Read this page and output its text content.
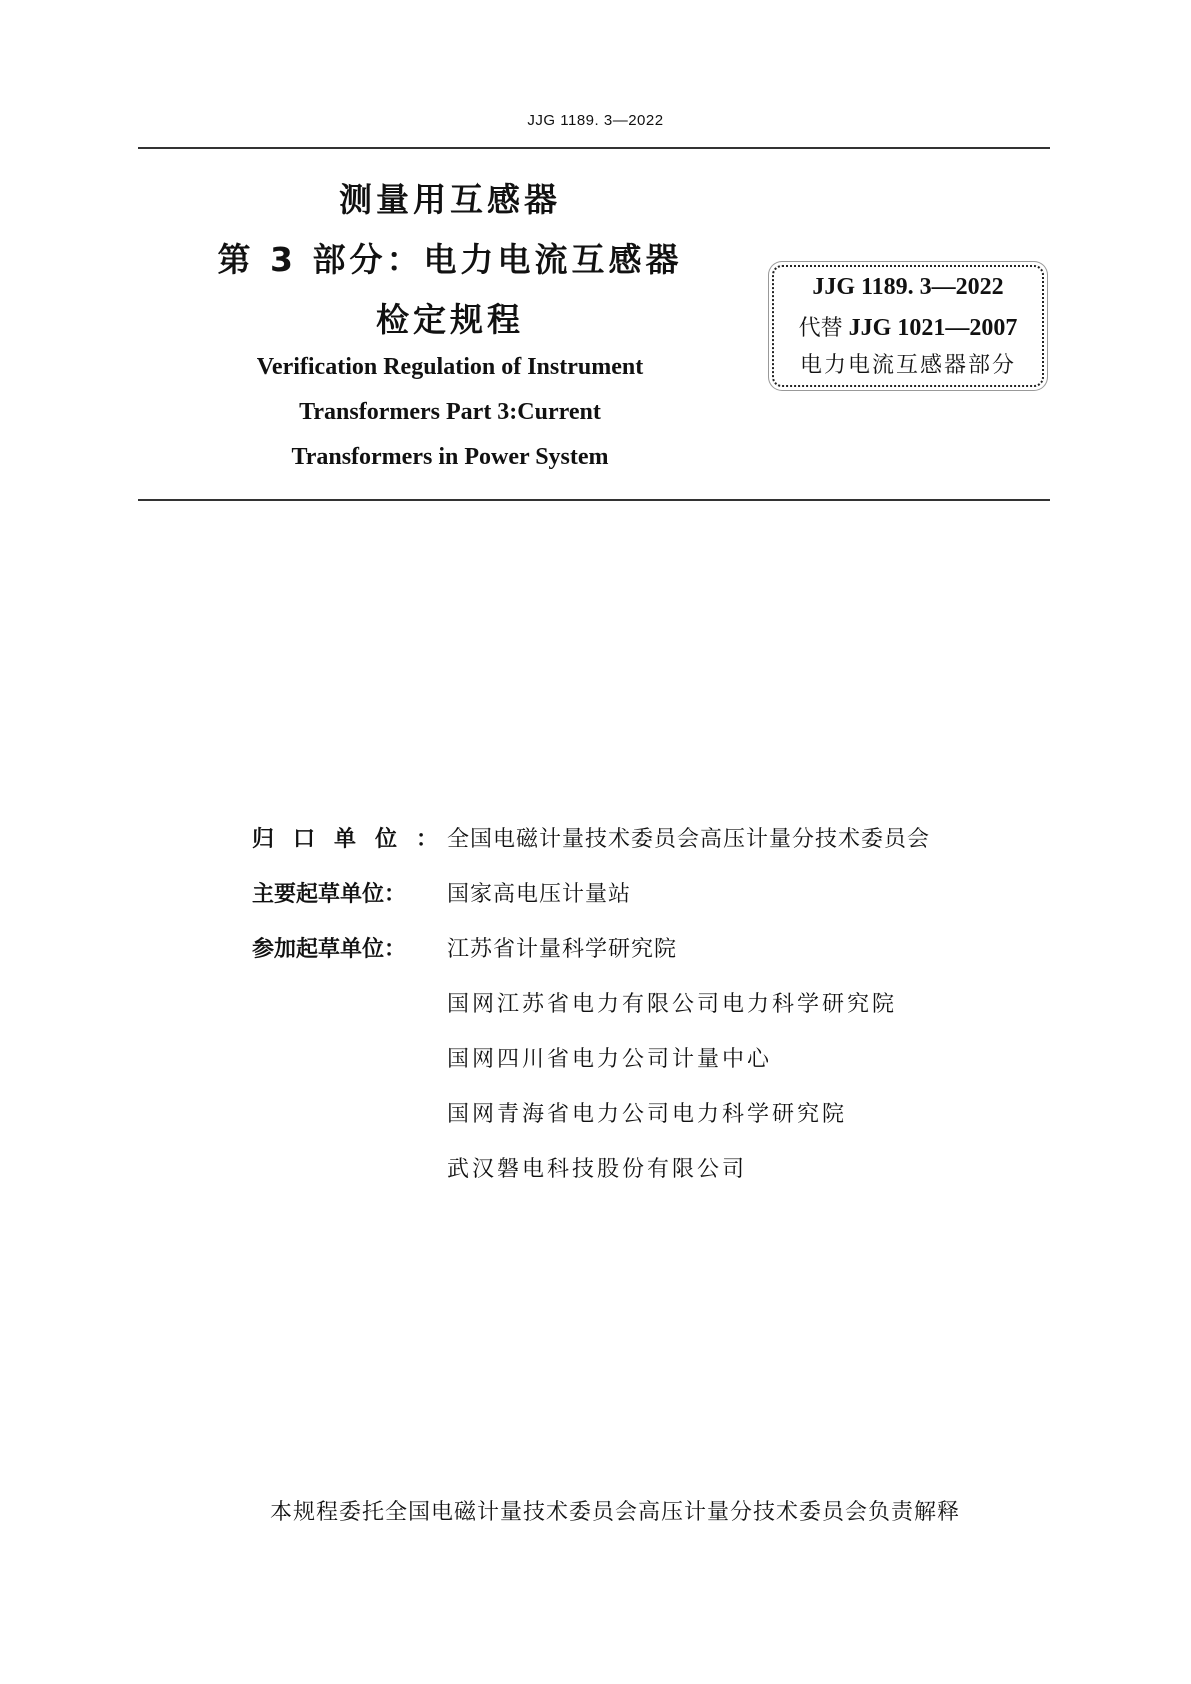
JJG 1189. 3—2022
测量用互感器
第 3 部分：电力电流互感器
检定规程
Verification Regulation of Instrument
Transformers Part 3:Current
Transformers in Power System
JJG 1189. 3—2022
代替 JJG 1021—2007
电力电流互感器部分
归口单位：全国电磁计量技术委员会高压计量分技术委员会
主要起草单位： 国家高电压计量站
参加起草单位： 江苏省计量科学研究院
国网江苏省电力有限公司电力科学研究院
国网四川省电力公司计量中心
国网青海省电力公司电力科学研究院
武汉磐电科技股份有限公司
本规程委托全国电磁计量技术委员会高压计量分技术委员会负责解释
